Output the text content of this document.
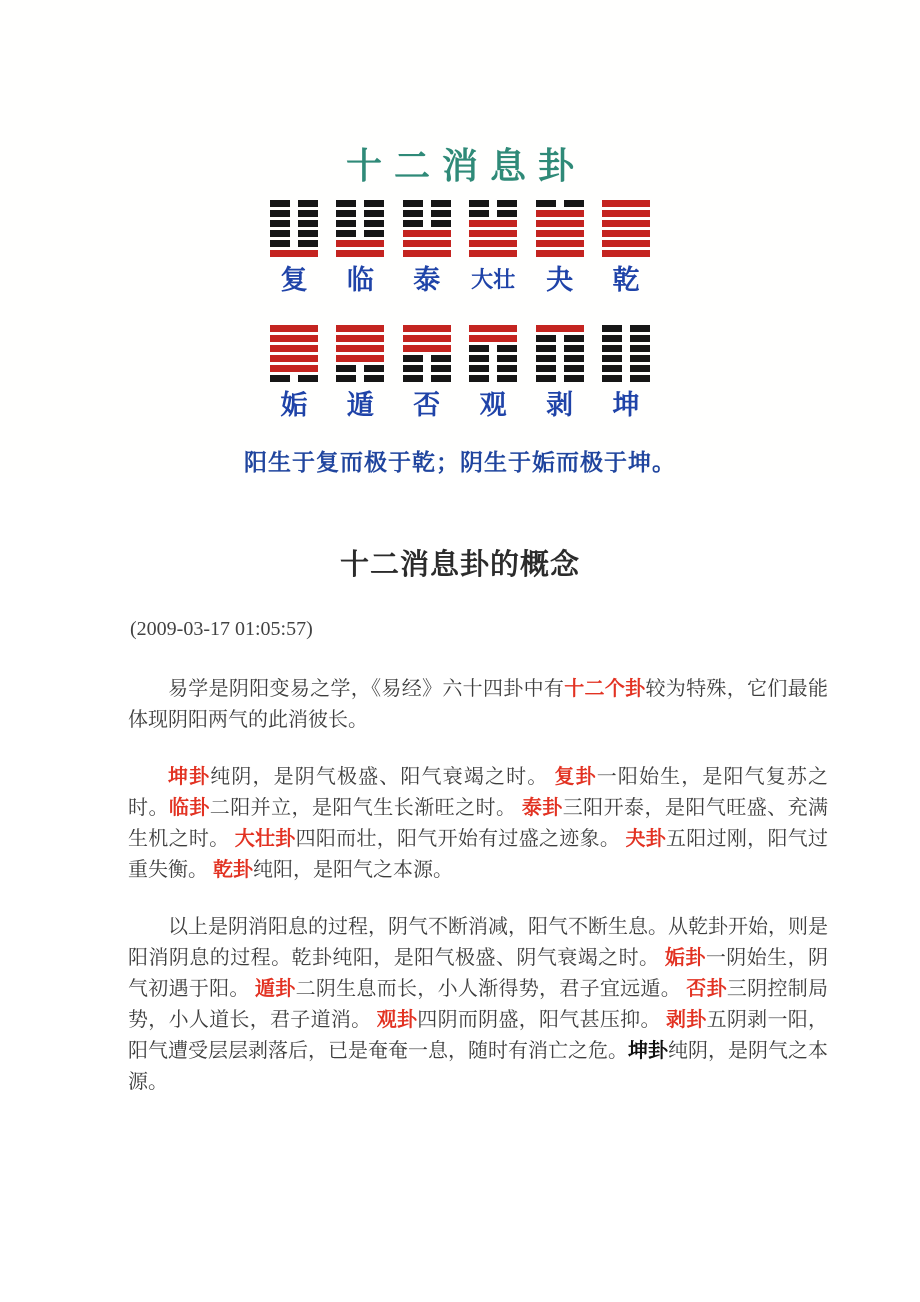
十二消息卦
复 临 泰 大壮 夬 乾
姤 遁 否 观 剥 坤
阳生于复而极于乾；阴生于姤而极于坤。
十二消息卦的概念
(2009-03-17 01:05:57)

易学是阴阳变易之学，《易经》六十四卦中有十二个卦较为特殊，它们最能体现阴阳两气的此消彼长。

坤卦纯阴，是阴气极盛、阳气衰竭之时。 复卦一阳始生，是阳气复苏之时。临卦二阳并立，是阳气生长渐旺之时。 泰卦三阳开泰，是阳气旺盛、充满生机之时。 大壮卦四阳而壮，阳气开始有过盛之迹象。 夬卦五阳过刚，阳气过重失衡。 乾卦纯阳，是阳气之本源。

以上是阴消阳息的过程，阴气不断消减，阳气不断生息。从乾卦开始，则是阳消阴息的过程。乾卦纯阳，是阳气极盛、阴气衰竭之时。 姤卦一阴始生，阴气初遇于阳。 遁卦二阴生息而长，小人渐得势，君子宜远遁。 否卦三阴控制局势，小人道长，君子道消。 观卦四阴而阴盛，阳气甚压抑。 剥卦五阴剥一阳，阳气遭受层层剥落后，已是奄奄一息，随时有消亡之危。坤卦纯阴，是阴气之本源。
